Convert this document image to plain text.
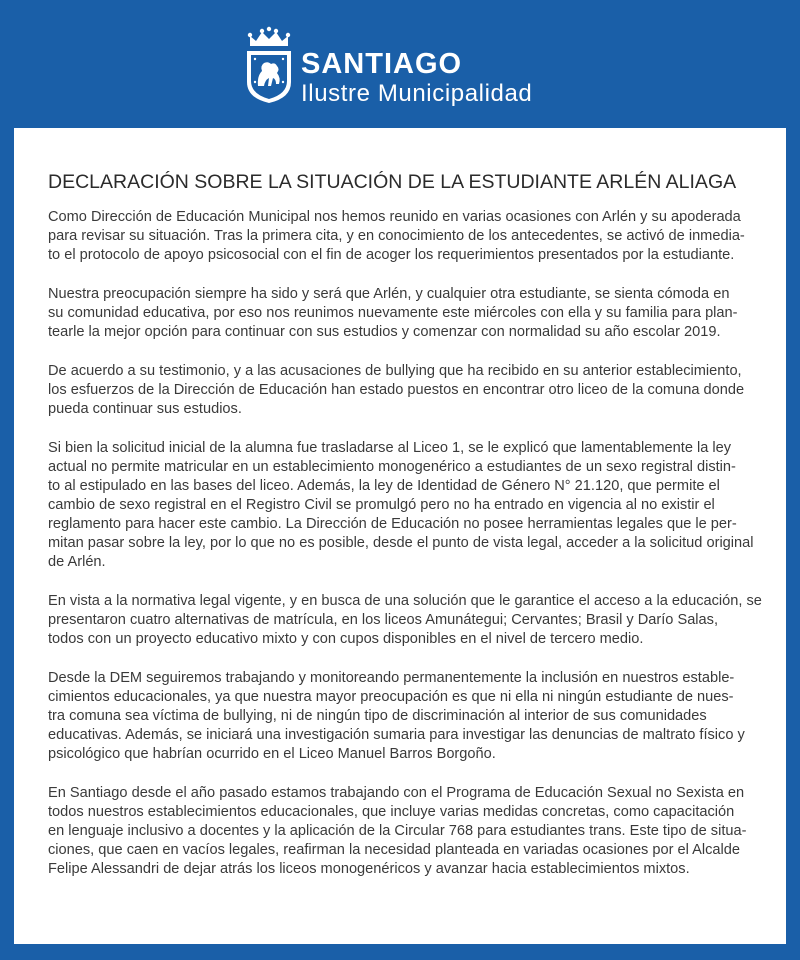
SANTIAGO
Ilustre Municipalidad
DECLARACIÓN SOBRE LA SITUACIÓN DE LA ESTUDIANTE ARLÉN ALIAGA

Como Dirección de Educación Municipal nos hemos reunido en varias ocasiones con Arlén y su apoderada
para revisar su situación. Tras la primera cita, y en conocimiento de los antecedentes, se activó de inmedia-
to el protocolo de apoyo psicosocial con el fin de acoger los requerimientos presentados por la estudiante.

Nuestra preocupación siempre ha sido y será que Arlén, y cualquier otra estudiante, se sienta cómoda en
su comunidad educativa, por eso nos reunimos nuevamente este miércoles con ella y su familia para plan-
tearle la mejor opción para continuar con sus estudios y comenzar con normalidad su año escolar 2019.

De acuerdo a su testimonio, y a las acusaciones de bullying que ha recibido en su anterior establecimiento,
los esfuerzos de la Dirección de Educación han estado puestos en encontrar otro liceo de la comuna donde
pueda continuar sus estudios.

Si bien la solicitud inicial de la alumna fue trasladarse al Liceo 1, se le explicó que lamentablemente la ley
actual no permite matricular en un establecimiento monogenérico a estudiantes de un sexo registral distin-
to al estipulado en las bases del liceo. Además, la ley de Identidad de Género N° 21.120, que permite el
cambio de sexo registral en el Registro Civil se promulgó pero no ha entrado en vigencia al no existir el
reglamento para hacer este cambio. La Dirección de Educación no posee herramientas legales que le per-
mitan pasar sobre la ley, por lo que no es posible, desde el punto de vista legal, acceder a la solicitud original
de Arlén.

En vista a la normativa legal vigente, y en busca de una solución que le garantice el acceso a la educación, se
presentaron cuatro alternativas de matrícula, en los liceos Amunátegui; Cervantes; Brasil y Darío Salas,
todos con un proyecto educativo mixto y con cupos disponibles en el nivel de tercero medio.

Desde la DEM seguiremos trabajando y monitoreando permanentemente la inclusión en nuestros estable-
cimientos educacionales, ya que nuestra mayor preocupación es que ni ella ni ningún estudiante de nues-
tra comuna sea víctima de bullying, ni de ningún tipo de discriminación al interior de sus comunidades
educativas. Además, se iniciará una investigación sumaria para investigar las denuncias de maltrato físico y
psicológico que habrían ocurrido en el Liceo Manuel Barros Borgoño.

En Santiago desde el año pasado estamos trabajando con el Programa de Educación Sexual no Sexista en
todos nuestros establecimientos educacionales, que incluye varias medidas concretas, como capacitación
en lenguaje inclusivo a docentes y la aplicación de la Circular 768 para estudiantes trans. Este tipo de situa-
ciones, que caen en vacíos legales, reafirman la necesidad planteada en variadas ocasiones por el Alcalde
Felipe Alessandri de dejar atrás los liceos monogenéricos y avanzar hacia establecimientos mixtos.
